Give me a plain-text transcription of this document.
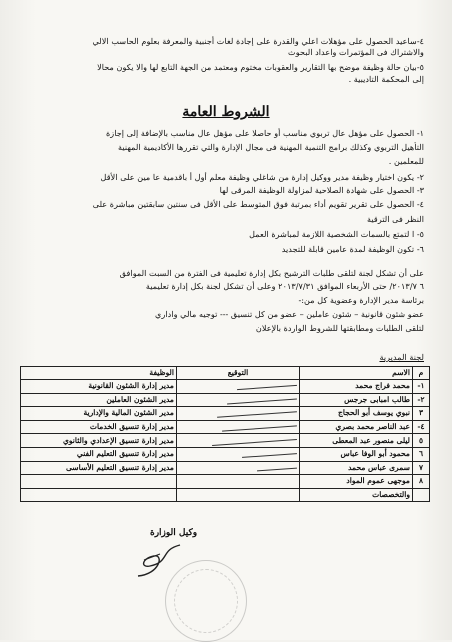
٤-ساعيد الحصول على مؤهلات اعلي والقدرة على إجادة لغات أجنبية والمعرفة بعلوم الحاسب الالي
والاشتراك فى المؤتمرات واعداد البحوث
٥-بيان حالة وظيفة موضح بها التقارير والعقوبات مختوم ومعتمد من الجهة التابع لها والا يكون محالا
إلى المحكمة التاديبية .
الشروط العامة
١- الحصول على مؤهل عال تربوي مناسب أو حاصلا على مؤهل عال مناسب بالإضافة إلى إجازة
التأهيل التربوي وكذلك برامج التنمية المهنية فى مجال الإدارة والتي تقررها الأكاديمية المهنية
للمعلمين .
٢- يكون اختيار وظيفة مدير ووكيل إدارة من شاغلي وظيفة معلم أول أ باقدمية عا مين على الأقل
٣- الحصول على شهادة الصلاحية لمزاولة الوظيفة المرقى لها
٤- الحصول على تقرير تقويم أداء بمرتبة فوق المتوسط على الأقل فى سنتين سابقتين مباشرة على
النظر فى الترقية
٥- ا لتمتع بالسمات الشخصية اللازمة لمباشرة العمل
٦- تكون الوظيفة لمدة عامين قابلة للتجديد
على أن تشكل لجنة لتلقى طلبات الترشيح بكل إدارة تعليمية فى الفترة من السبت الموافق
٦ ٢٠١٣/٧/ حتى الأربعاء الموافق ٢٠١٣/٧/٣١ وعلى أن تشكل لجنة بكل إدارة تعليمية
برئاسة مدير الإدارة وعضوية كل من:-
عضو شئون قانونية – شئون عاملين – عضو من كل تنسيق --- توجيه مالي واداري
لتلقى الطلبات ومطابقتها للشروط الواردة بالإعلان
لجنة المديرية
م	الاسم	التوقيع	الوظيفة
١-	محمد فراج محمد		مدير إدارة الشئون القانونية
٢-	طالب امبابى جرجس		مدير الشئون العاملين
٣	نبوي يوسف أبو الحجاج		مدير الشئون المالية والإدارية
٤-	عبد الناصر محمد بصري		مدير إدارة تنسيق الخدمات
٥	ليلى منصور عبد المعطى		مدير إدارة تنسيق الإعدادي والثانوي
٦	محمود أبو الوفا عباس		مدير إدارة تنسيق التعليم الفني
٧	سمرى عباس محمد		مدير إدارة تنسيق التعليم الأساسى
٨	موجهى عموم المواد		
	والتخصصات		
وكيل الوزارة
